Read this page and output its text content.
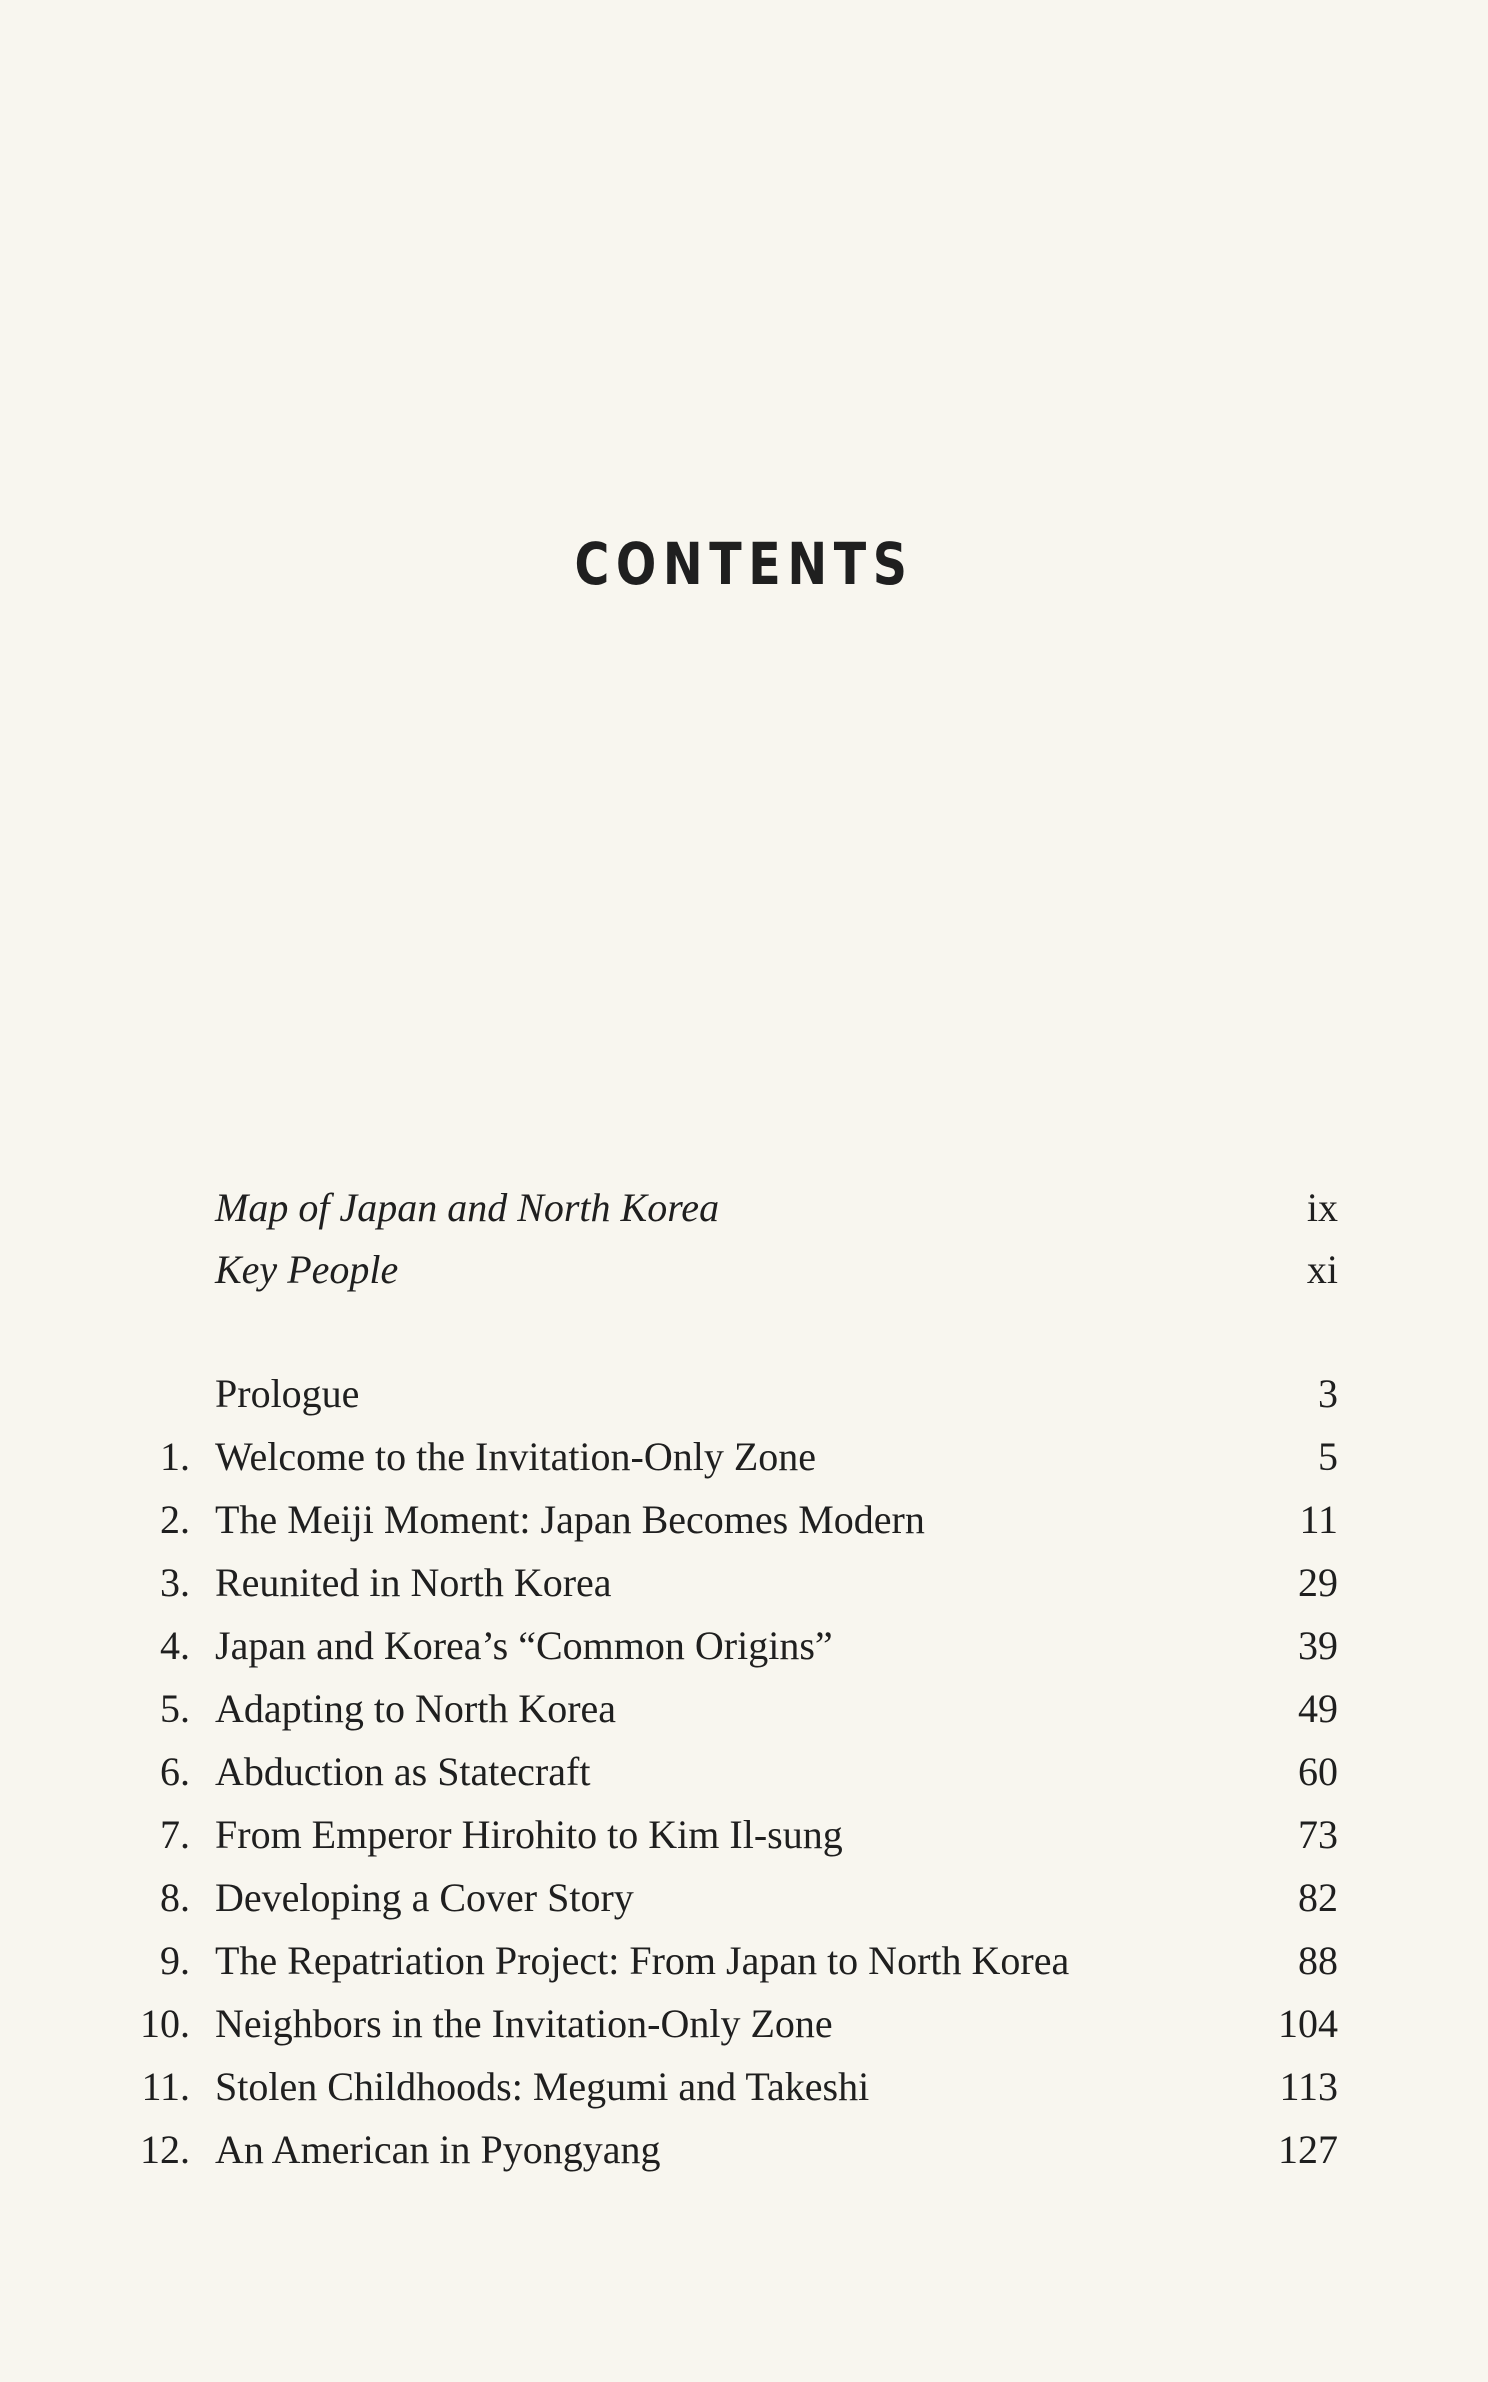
CONTENTS
Map of Japan and North Korea	ix
Key People	xi
Prologue	3
1. Welcome to the Invitation-Only Zone	5
2. The Meiji Moment: Japan Becomes Modern	11
3. Reunited in North Korea	29
4. Japan and Korea’s “Common Origins”	39
5. Adapting to North Korea	49
6. Abduction as Statecraft	60
7. From Emperor Hirohito to Kim Il-sung	73
8. Developing a Cover Story	82
9. The Repatriation Project: From Japan to North Korea	88
10. Neighbors in the Invitation-Only Zone	104
11. Stolen Childhoods: Megumi and Takeshi	113
12. An American in Pyongyang	127
